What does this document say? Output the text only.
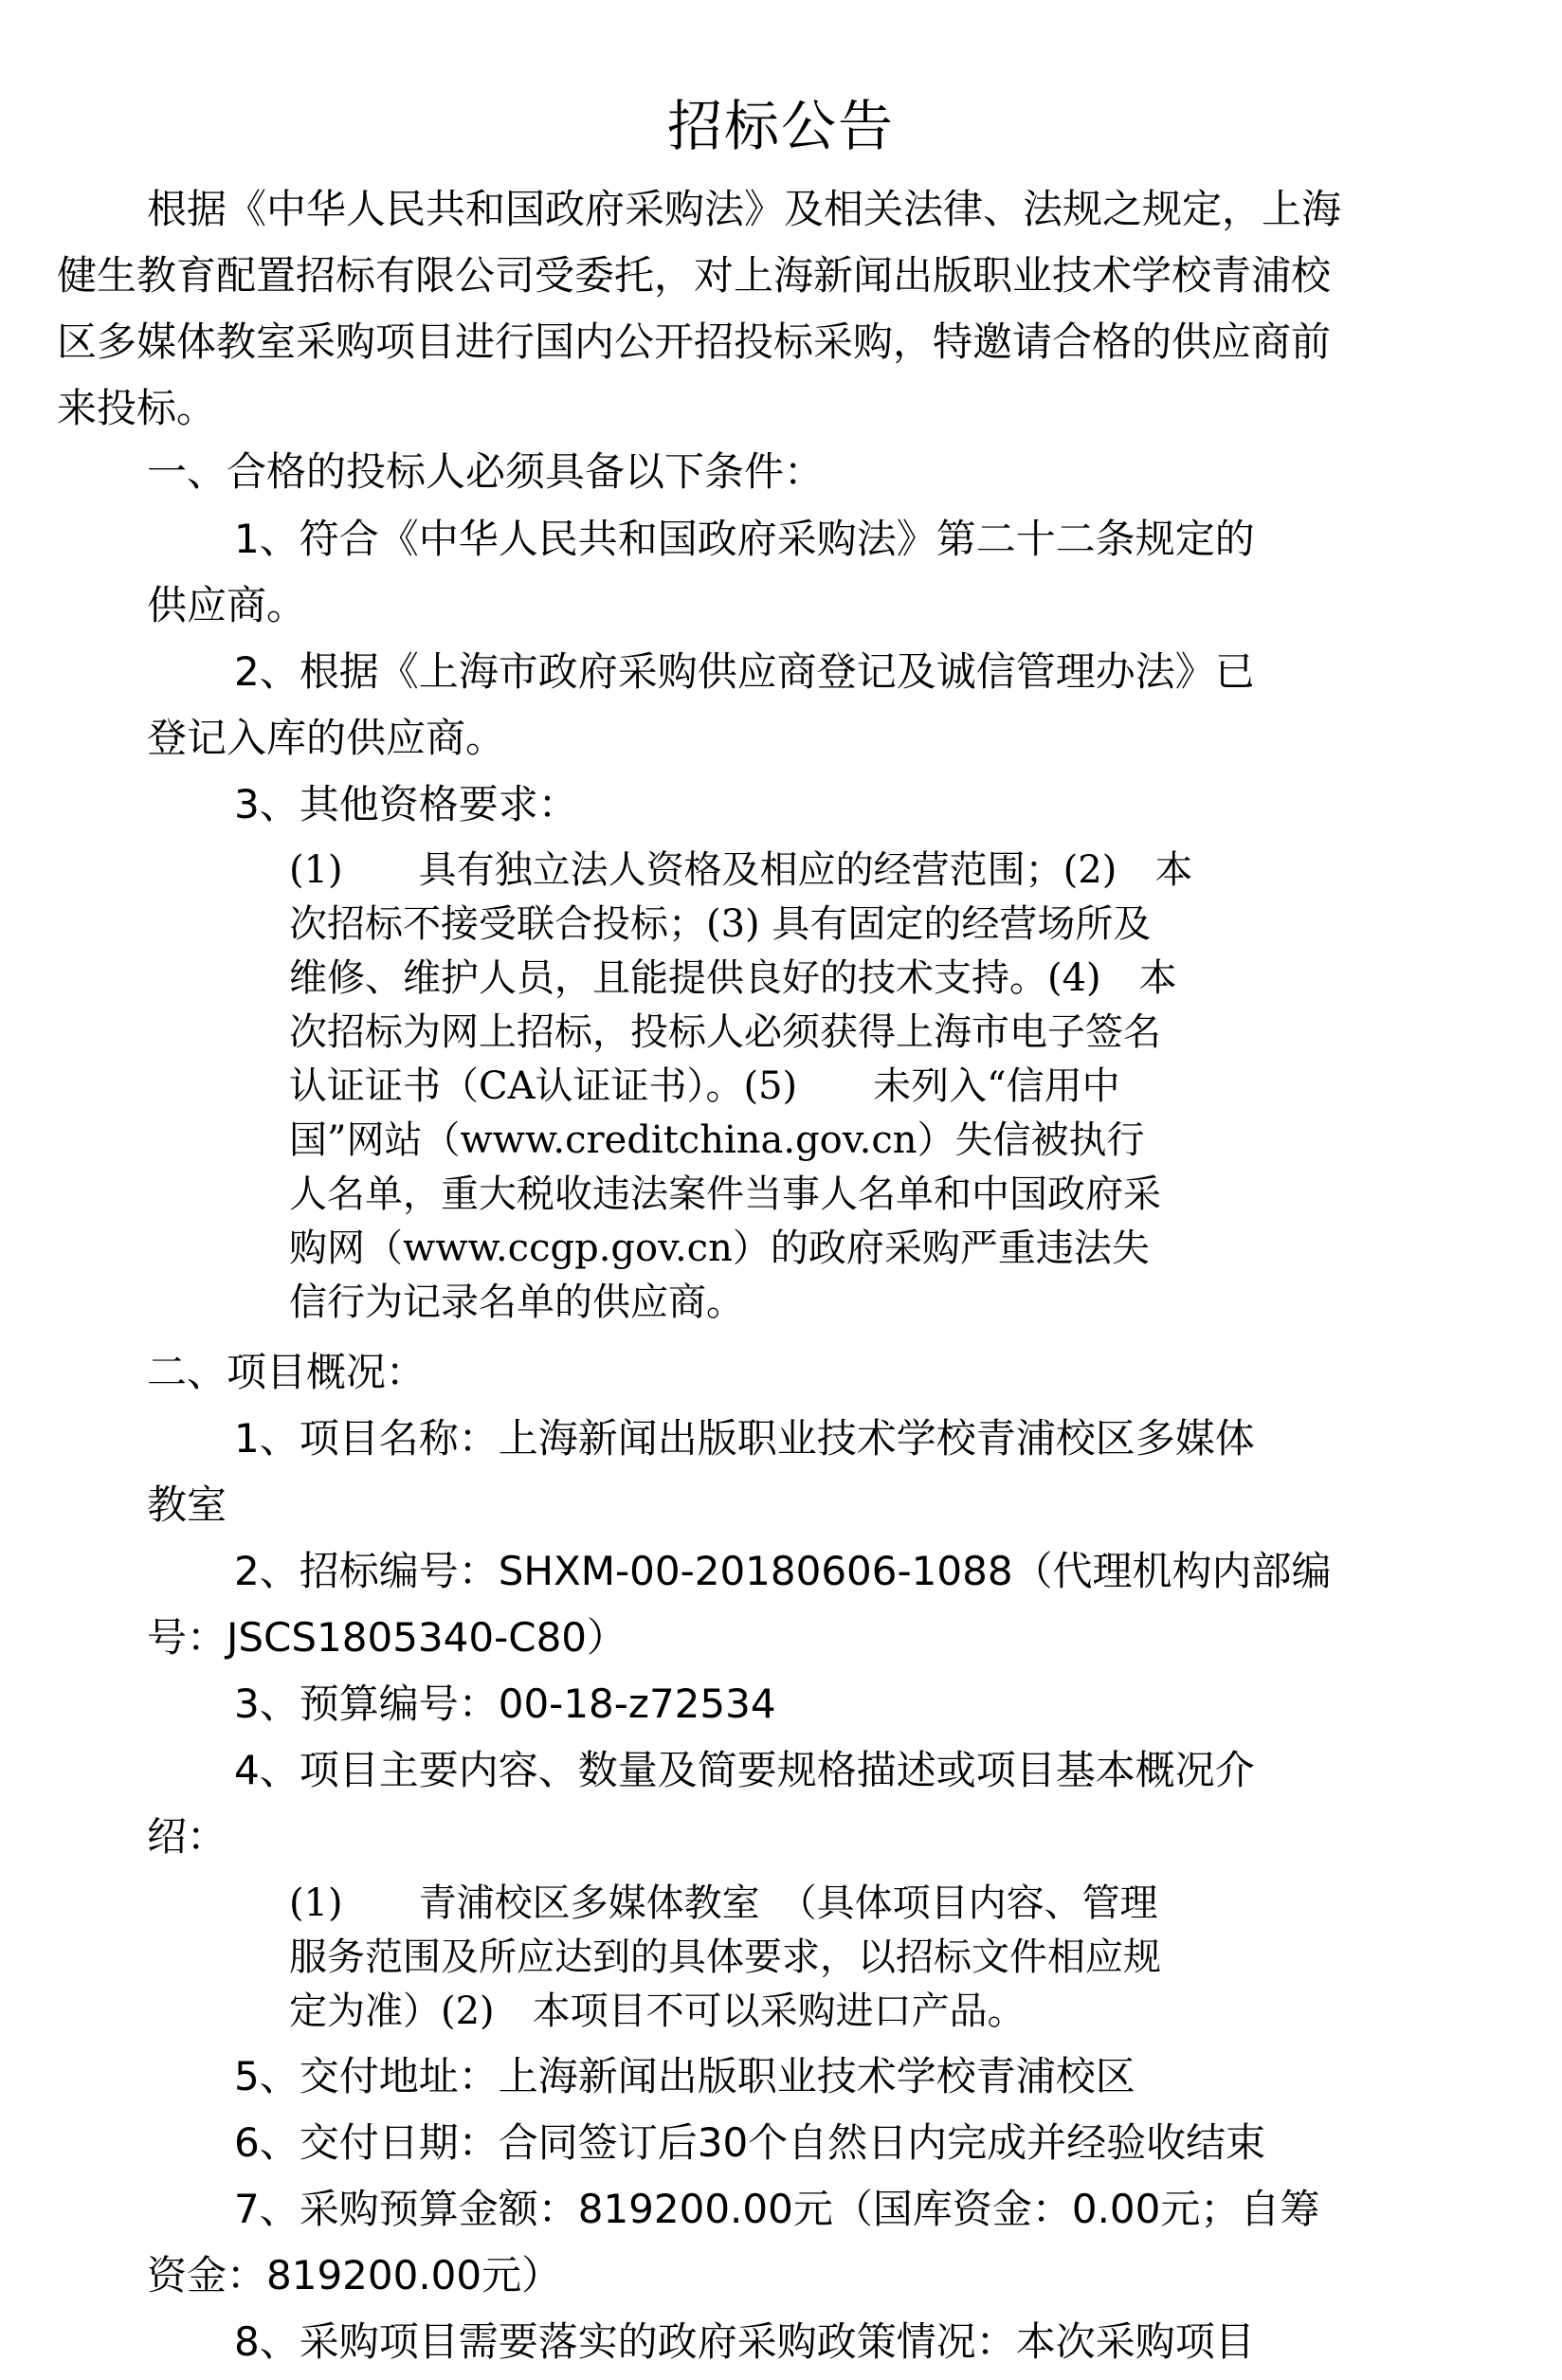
招标公告

根据《中华人民共和国政府采购法》及相关法律、法规之规定，上海

健生教育配置招标有限公司受委托，对上海新闻出版职业技术学校青浦校

区多媒体教室采购项目进行国内公开招投标采购，特邀请合格的供应商前

来投标。

一、合格的投标人必须具备以下条件：

1、符合《中华人民共和国政府采购法》第二十二条规定的

供应商。

2、根据《上海市政府采购供应商登记及诚信管理办法》已

登记入库的供应商。

3、其他资格要求：

(1)　　具有独立法人资格及相应的经营范围；(2)　本
次招标不接受联合投标；(3) 具有固定的经营场所及
维修、维护人员，且能提供良好的技术支持。(4)　本
次招标为网上招标，投标人必须获得上海市电子签名
认证证书（CA认证证书）。(5)　　未列入“信用中
国”网站（www.creditchina.gov.cn）失信被执行
人名单，重大税收违法案件当事人名单和中国政府采
购网（www.ccgp.gov.cn）的政府采购严重违法失
信行为记录名单的供应商。

二、项目概况：

1、项目名称：上海新闻出版职业技术学校青浦校区多媒体

教室

2、招标编号：SHXM-00-20180606-1088（代理机构内部编

号：JSCS1805340-C80）

3、预算编号：00-18-z72534

4、项目主要内容、数量及简要规格描述或项目基本概况介

绍：

(1)　　青浦校区多媒体教室　（具体项目内容、管理
服务范围及所应达到的具体要求，以招标文件相应规
定为准）(2)　本项目不可以采购进口产品。

5、交付地址：上海新闻出版职业技术学校青浦校区

6、交付日期：合同签订后30个自然日内完成并经验收结束

7、采购预算金额：819200.00元（国库资金：0.00元；自筹

资金：819200.00元）

8、采购项目需要落实的政府采购政策情况：本次采购项目
